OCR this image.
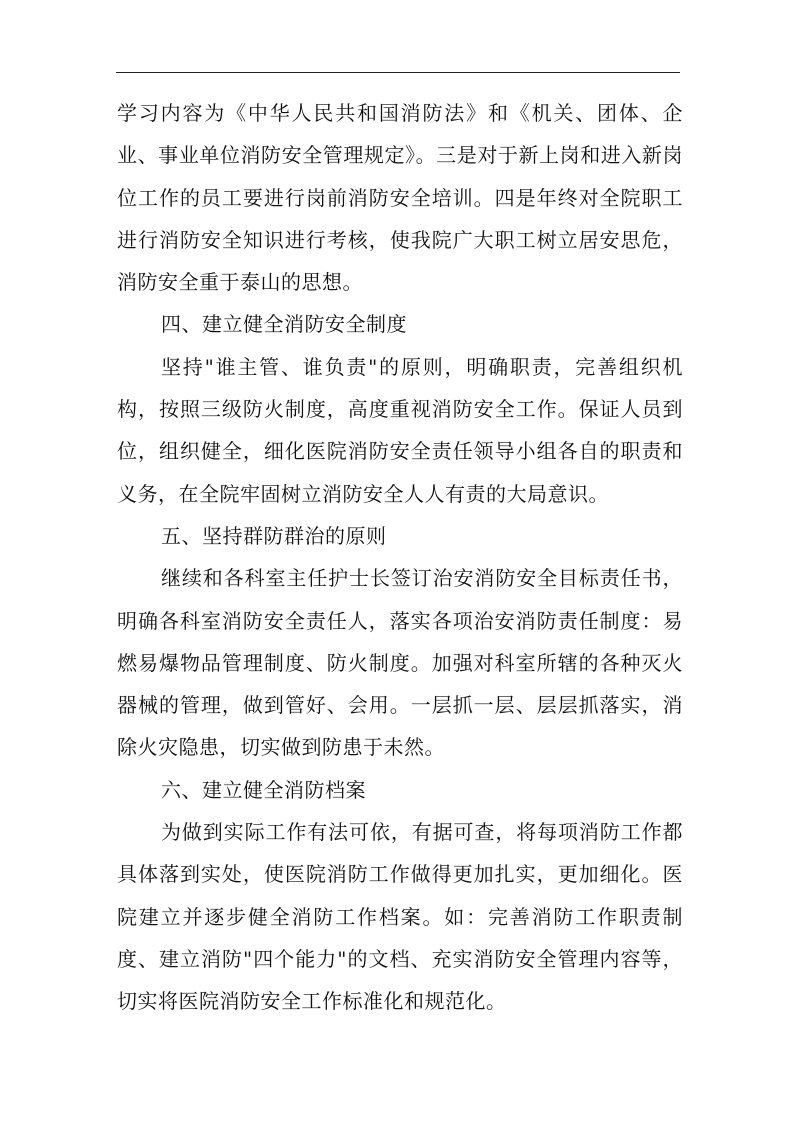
学习内容为《中华人民共和国消防法》和《机关、团体、企业、事业单位消防安全管理规定》。三是对于新上岗和进入新岗位工作的员工要进行岗前消防安全培训。四是年终对全院职工进行消防安全知识进行考核，使我院广大职工树立居安思危，消防安全重于泰山的思想。

四、建立健全消防安全制度

坚持"谁主管、谁负责"的原则，明确职责，完善组织机构，按照三级防火制度，高度重视消防安全工作。保证人员到位，组织健全，细化医院消防安全责任领导小组各自的职责和义务，在全院牢固树立消防安全人人有责的大局意识。

五、坚持群防群治的原则

继续和各科室主任护士长签订治安消防安全目标责任书，明确各科室消防安全责任人，落实各项治安消防责任制度：易燃易爆物品管理制度、防火制度。加强对科室所辖的各种灭火器械的管理，做到管好、会用。一层抓一层、层层抓落实，消除火灾隐患，切实做到防患于未然。

六、建立健全消防档案

为做到实际工作有法可依，有据可查，将每项消防工作都具体落到实处，使医院消防工作做得更加扎实，更加细化。医院建立并逐步健全消防工作档案。如：完善消防工作职责制度、建立消防"四个能力"的文档、充实消防安全管理内容等，切实将医院消防安全工作标准化和规范化。
